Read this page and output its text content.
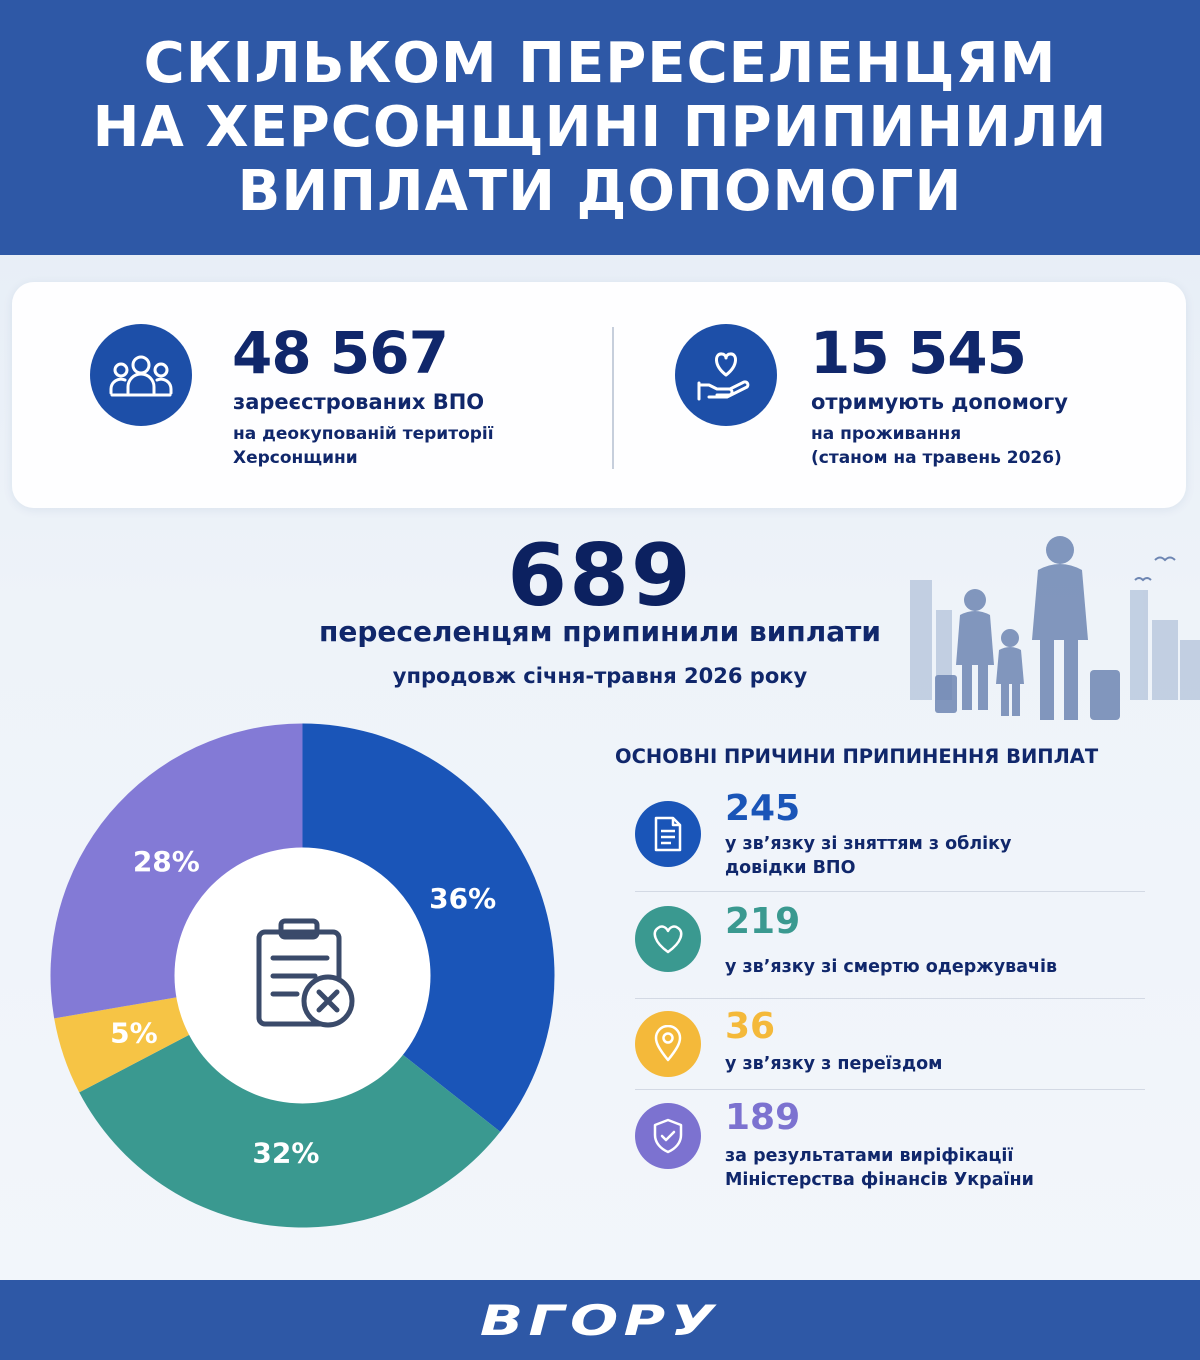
СКІЛЬКОМ ПЕРЕСЕЛЕНЦЯМ
НА ХЕРСОНЩИНІ ПРИПИНИЛИ
ВИПЛАТИ ДОПОМОГИ
48 567
зареєстрованих ВПО
на деокупованій території
Херсонщини
15 545
отримують допомогу
на проживання
(станом на травень 2026)
689
переселенцям припинили виплати
упродовж січня-травня 2026 року
36%
32%
5%
28%
ОСНОВНІ ПРИЧИНИ ПРИПИНЕННЯ ВИПЛАТ
245
у зв’язку зі зняттям з обліку
довідки ВПО
219
у зв’язку зі смертю одержувачів
36
у зв’язку з переїздом
189
за результатами виріфікації
Міністерства фінансів України
ВГОРУ
